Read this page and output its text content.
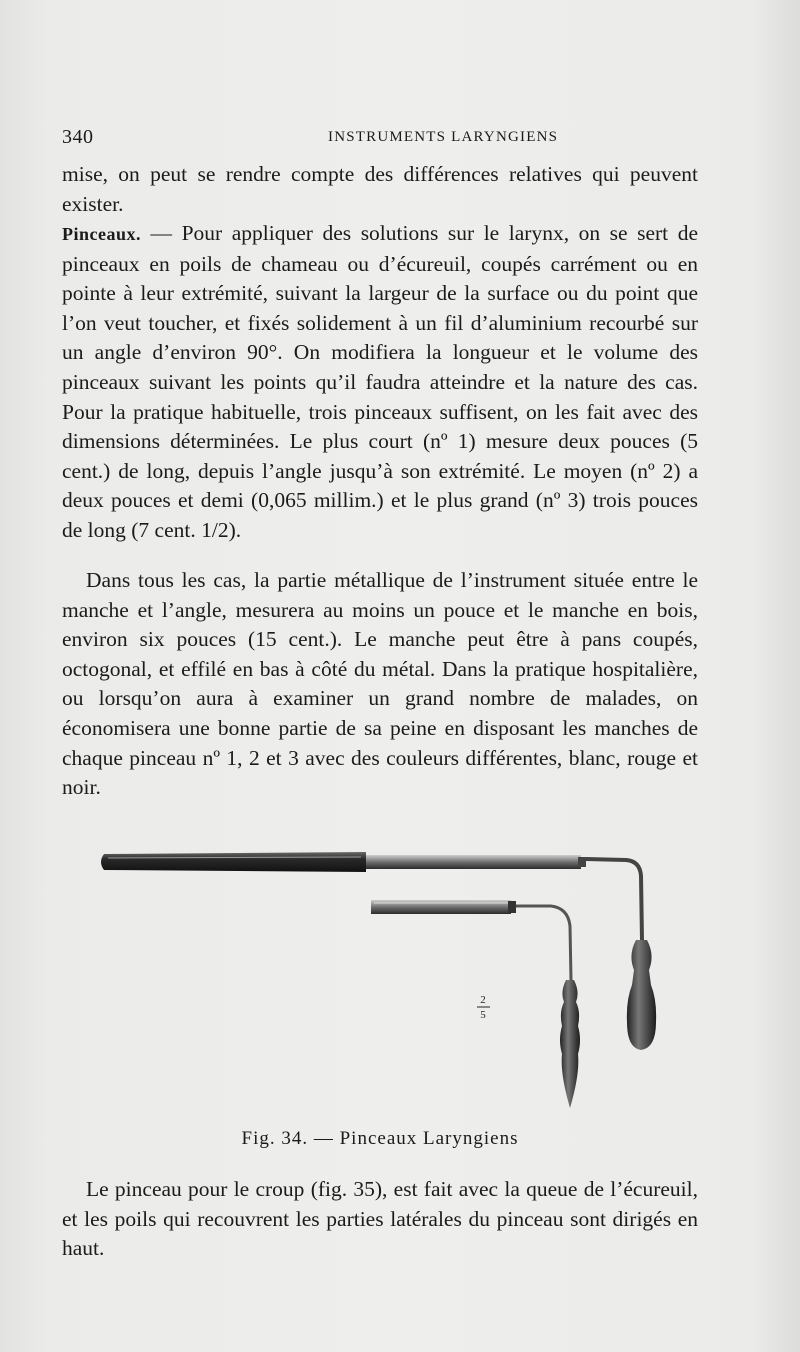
340	INSTRUMENTS LARYNGIENS
mise, on peut se rendre compte des différences relatives qui peuvent exister.
Pinceaux. — Pour appliquer des solutions sur le larynx, on se sert de pinceaux en poils de chameau ou d’écureuil, coupés carrément ou en pointe à leur extrémité, suivant la largeur de la surface ou du point que l’on veut toucher, et fixés solidement à un fil d’aluminium recourbé sur un angle d’environ 90°. On modifiera la longueur et le volume des pinceaux suivant les points qu’il faudra atteindre et la nature des cas. Pour la pratique habituelle, trois pinceaux suffisent, on les fait avec des dimensions déterminées. Le plus court (nº 1) mesure deux pouces (5 cent.) de long, depuis l’angle jusqu’à son extrémité. Le moyen (nº 2) a deux pouces et demi (0,065 millim.) et le plus grand (nº 3) trois pouces de long (7 cent. 1/2).
Dans tous les cas, la partie métallique de l’instrument située entre le manche et l’angle, mesurera au moins un pouce et le manche en bois, environ six pouces (15 cent.). Le manche peut être à pans coupés, octogonal, et effilé en bas à côté du métal. Dans la pratique hospitalière, ou lorsqu’on aura à examiner un grand nombre de malades, on économisera une bonne partie de sa peine en disposant les manches de chaque pinceau nº 1, 2 et 3 avec des couleurs différentes, blanc, rouge et noir.
2
5
Fig. 34. — Pinceaux Laryngiens
Le pinceau pour le croup (fig. 35), est fait avec la queue de l’écureuil, et les poils qui recouvrent les parties latérales du pinceau sont dirigés en haut.
